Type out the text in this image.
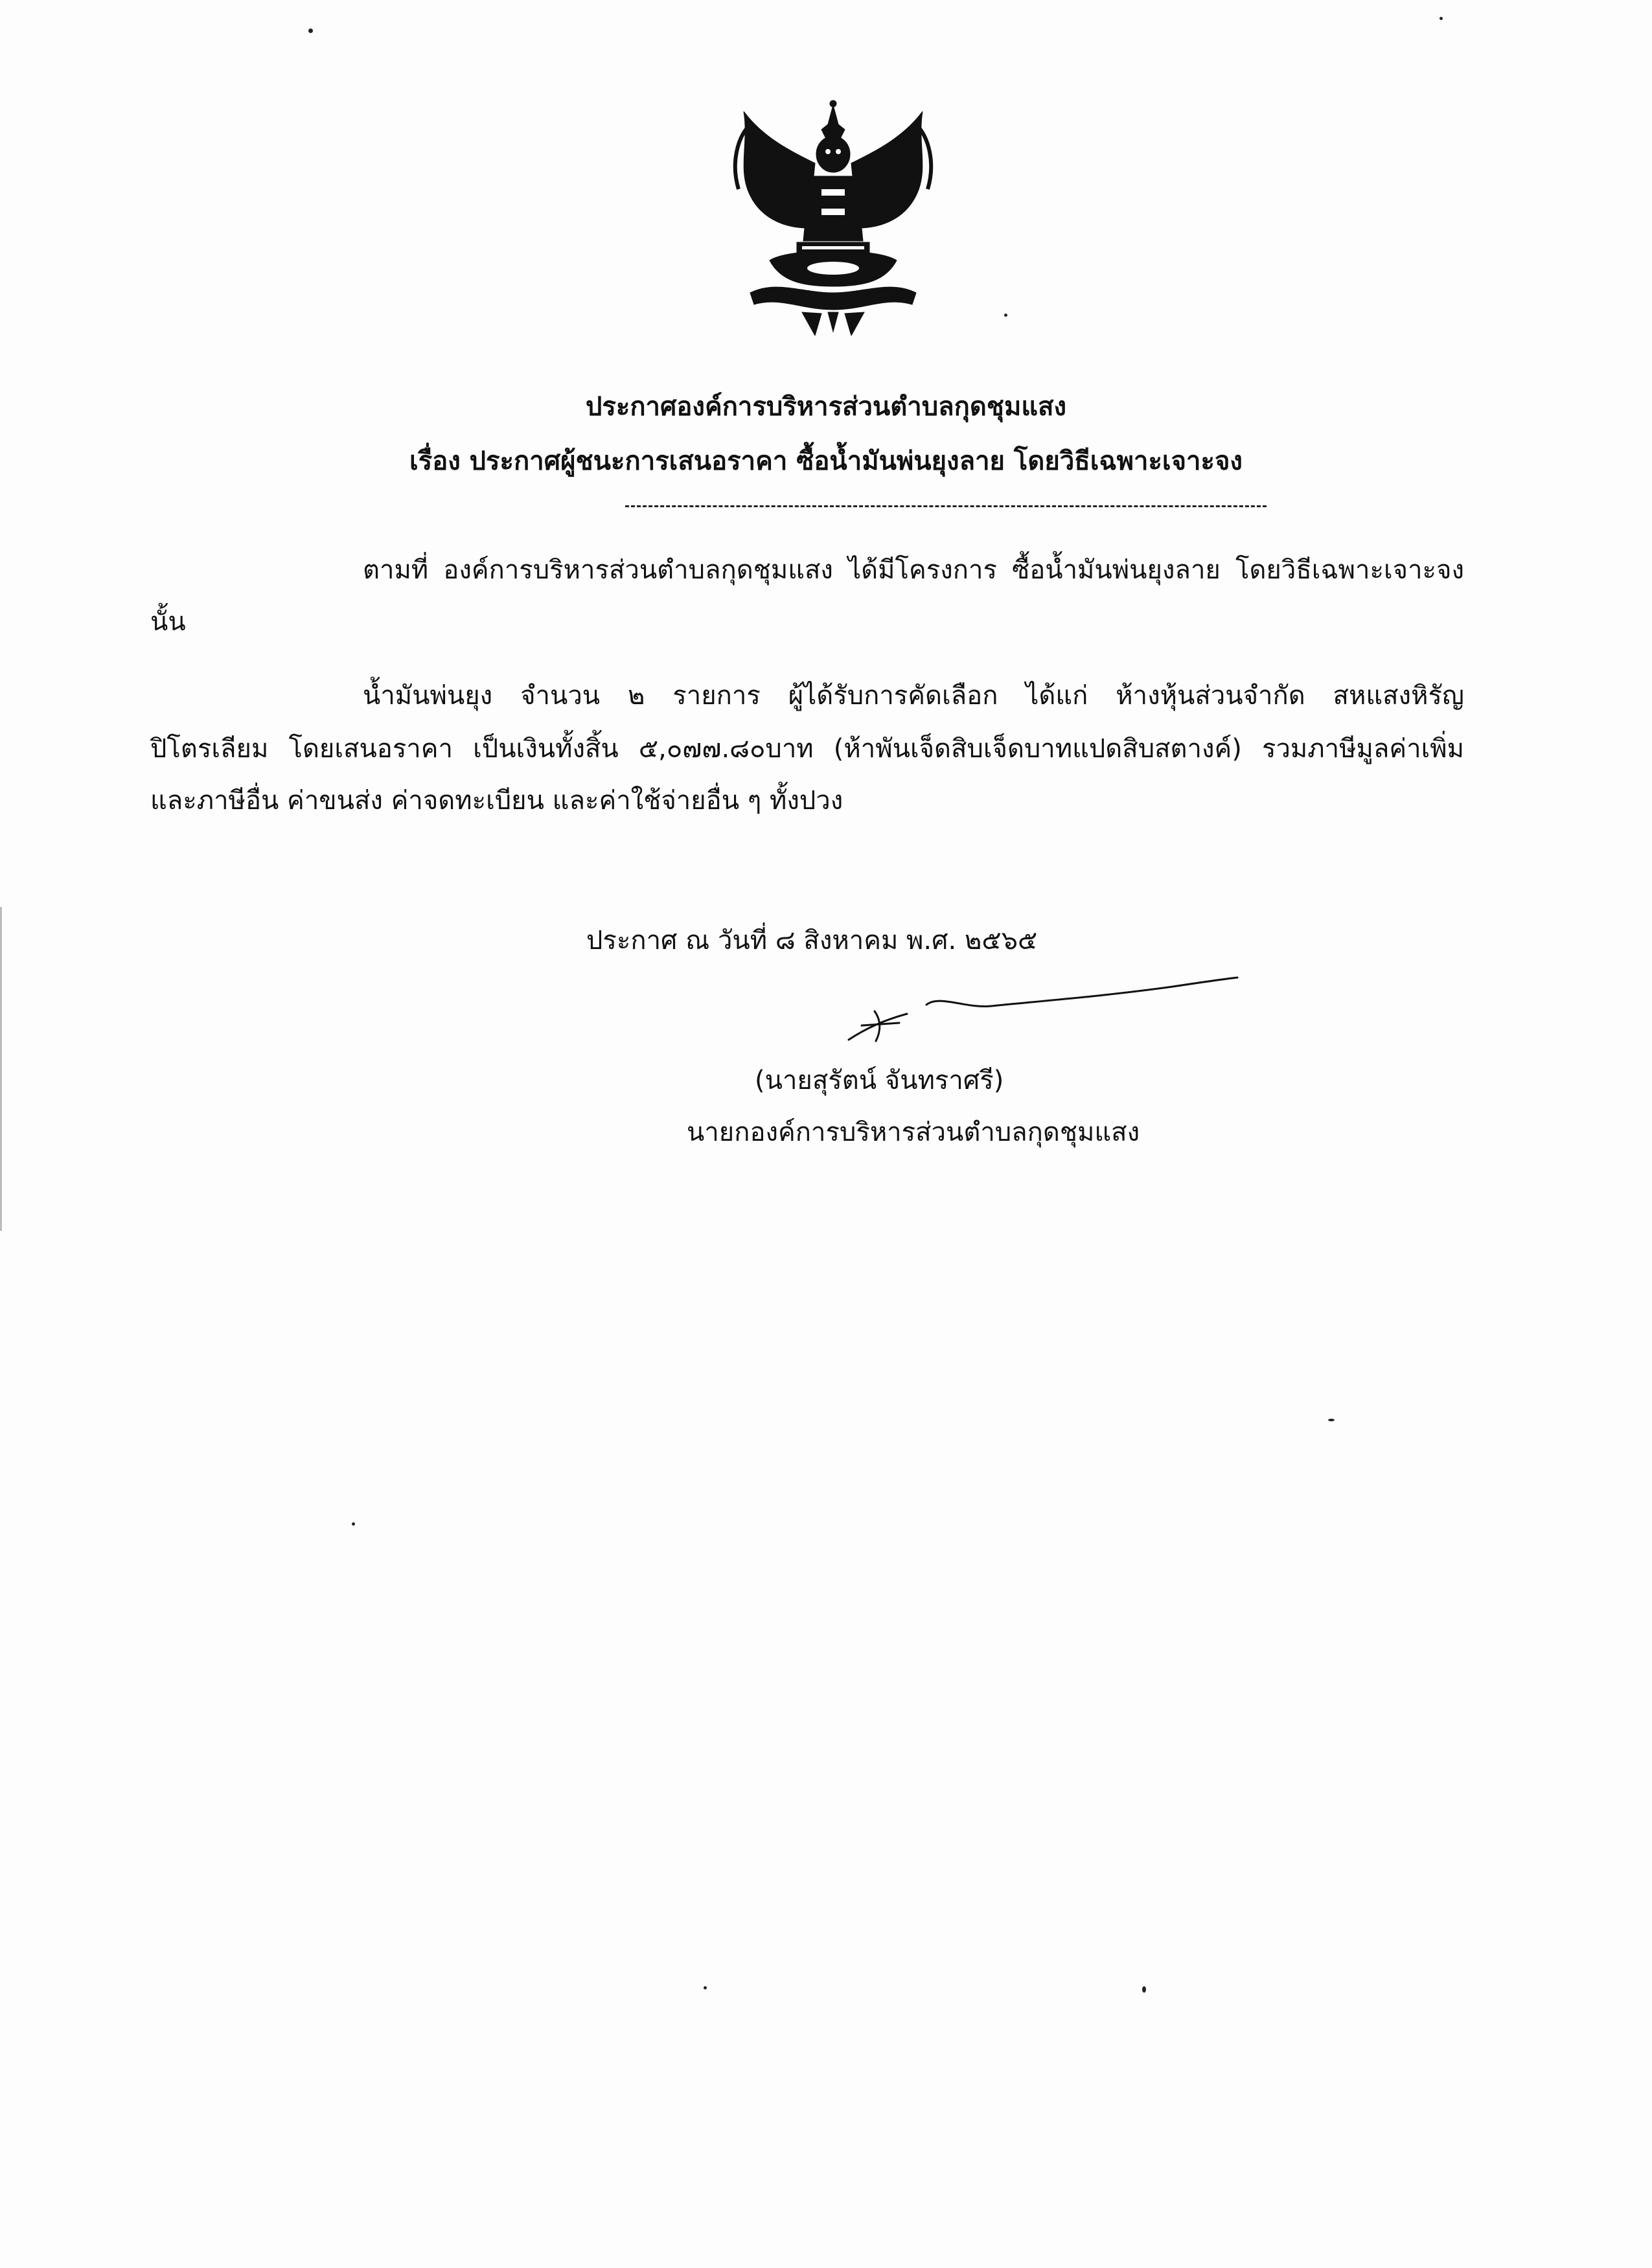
ประกาศองค์การบริหารส่วนตำบลกุดชุมแสง
เรื่อง ประกาศผู้ชนะการเสนอราคา ซื้อน้ำมันพ่นยุงลาย โดยวิธีเฉพาะเจาะจง
ตามที่ องค์การบริหารส่วนตำบลกุดชุมแสง ได้มีโครงการ ซื้อน้ำมันพ่นยุงลาย โดยวิธีเฉพาะเจาะจง
นั้น
น้ำมันพ่นยุง จำนวน ๒ รายการ ผู้ได้รับการคัดเลือก ได้แก่ ห้างหุ้นส่วนจำกัด สหแสงหิรัญ
ปิโตรเลียม โดยเสนอราคา เป็นเงินทั้งสิ้น ๕,๐๗๗.๘๐บาท (ห้าพันเจ็ดสิบเจ็ดบาทแปดสิบสตางค์) รวมภาษีมูลค่าเพิ่ม
และภาษีอื่น ค่าขนส่ง ค่าจดทะเบียน และค่าใช้จ่ายอื่น ๆ ทั้งปวง
ประกาศ ณ วันที่ ๘ สิงหาคม พ.ศ. ๒๕๖๕
(นายสุรัตน์ จันทราศรี)
นายกองค์การบริหารส่วนตำบลกุดชุมแสง
